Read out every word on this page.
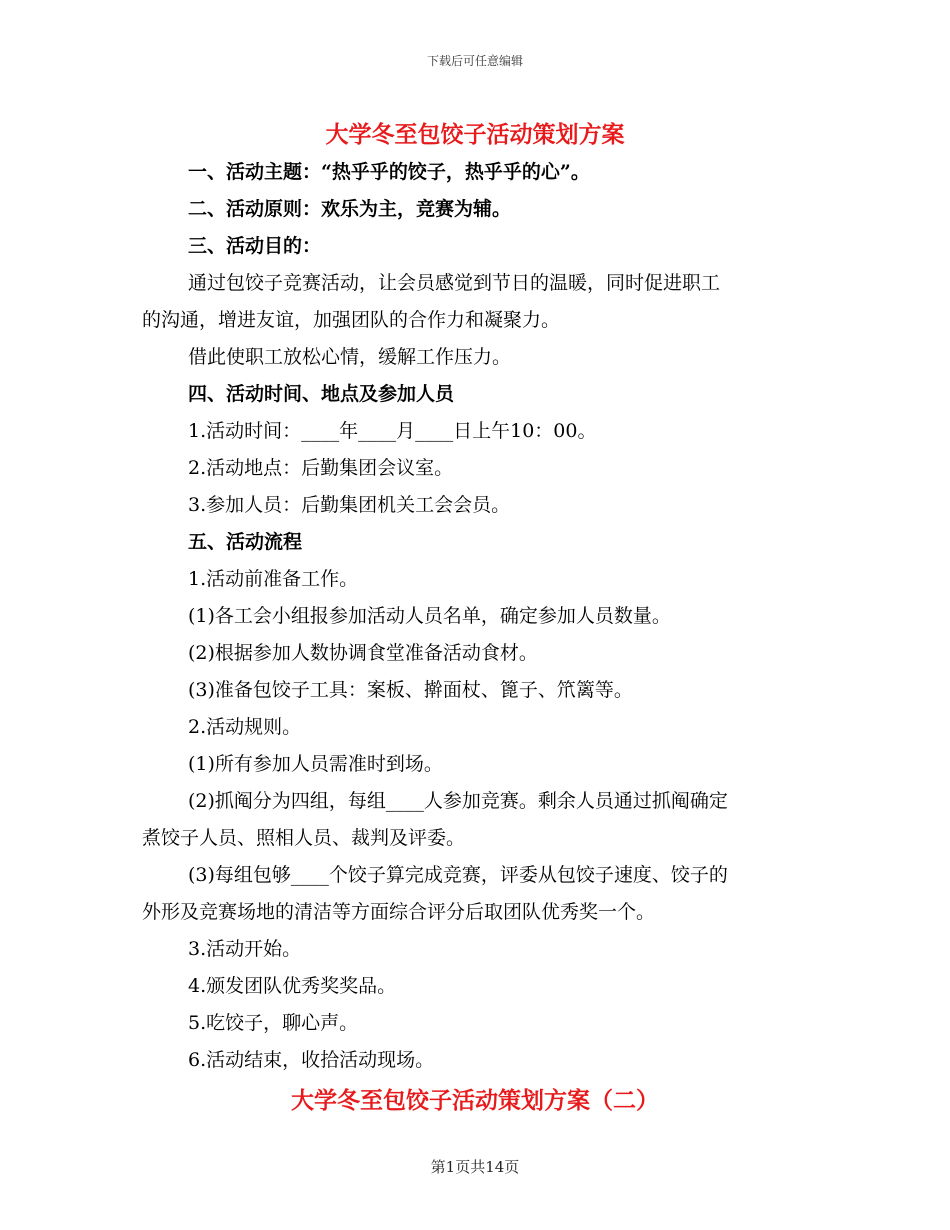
下载后可任意编辑
大学冬至包饺子活动策划方案
一、活动主题：“热乎乎的饺子，热乎乎的心”。
二、活动原则：欢乐为主，竞赛为辅。
三、活动目的：
通过包饺子竞赛活动，让会员感觉到节日的温暖，同时促进职工
的沟通，增进友谊，加强团队的合作力和凝聚力。
借此使职工放松心情，缓解工作压力。
四、活动时间、地点及参加人员
1.活动时间：____年____月____日上午10：00。
2.活动地点：后勤集团会议室。
3.参加人员：后勤集团机关工会会员。
五、活动流程
1.活动前准备工作。
(1)各工会小组报参加活动人员名单，确定参加人员数量。
(2)根据参加人数协调食堂准备活动食材。
(3)准备包饺子工具：案板、擀面杖、篦子、笊篱等。
2.活动规则。
(1)所有参加人员需准时到场。
(2)抓阄分为四组，每组____人参加竞赛。剩余人员通过抓阄确定
煮饺子人员、照相人员、裁判及评委。
(3)每组包够____个饺子算完成竞赛，评委从包饺子速度、饺子的
外形及竞赛场地的清洁等方面综合评分后取团队优秀奖一个。
3.活动开始。
4.颁发团队优秀奖奖品。
5.吃饺子，聊心声。
6.活动结束，收拾活动现场。
大学冬至包饺子活动策划方案（二）
第1页共14页
